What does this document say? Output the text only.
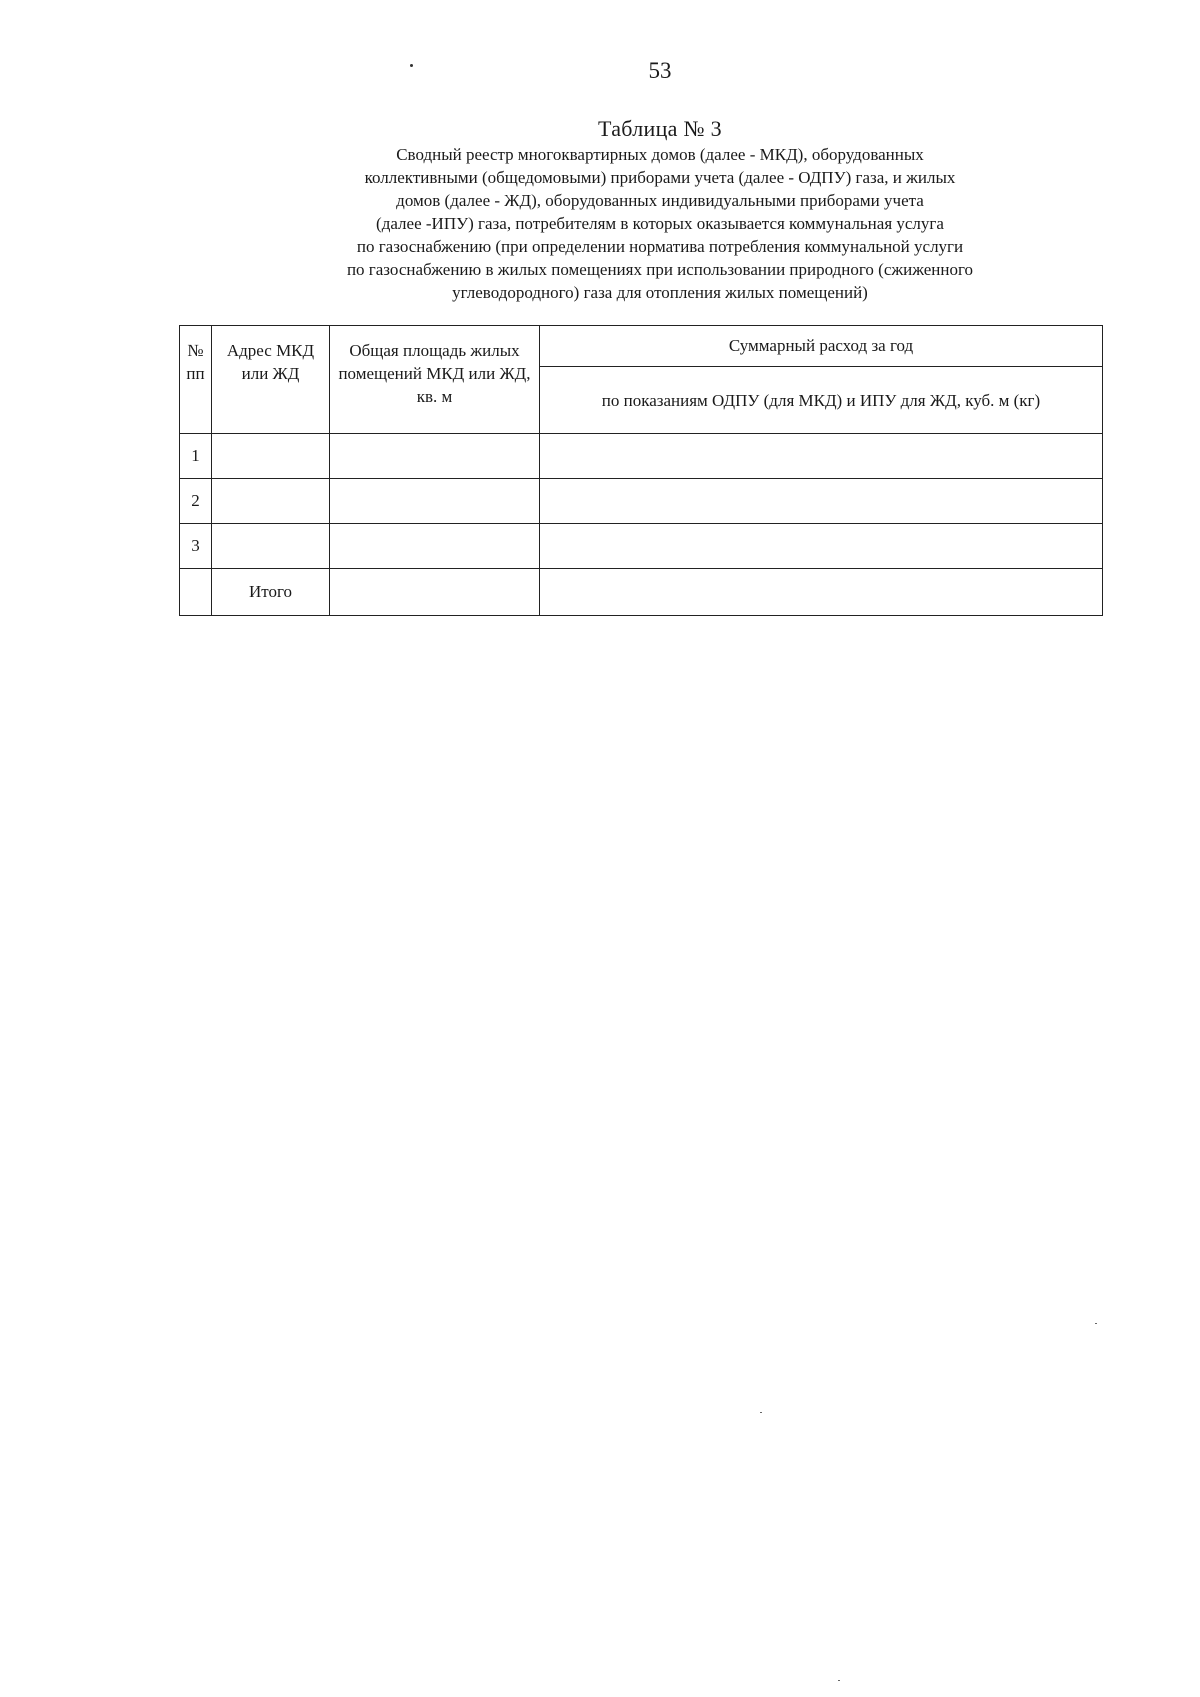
53
Таблица № 3
Сводный реестр многоквартирных домов (далее - МКД), оборудованных
коллективными (общедомовыми) приборами учета (далее - ОДПУ) газа, и жилых
домов (далее - ЖД), оборудованных индивидуальными приборами учета
(далее -ИПУ) газа, потребителям в которых оказывается коммунальная услуга
по газоснабжению (при определении норматива потребления коммунальной услуги
по газоснабжению в жилых помещениях при использовании природного (сжиженного
углеводородного) газа для отопления жилых помещений)
№ пп	Адрес МКД или ЖД	Общая площадь жилых помещений МКД или ЖД, кв. м	Суммарный расход за год
			по показаниям ОДПУ (для МКД) и ИПУ для ЖД, куб. м (кг)
1			
2			
3			
	Итого		
